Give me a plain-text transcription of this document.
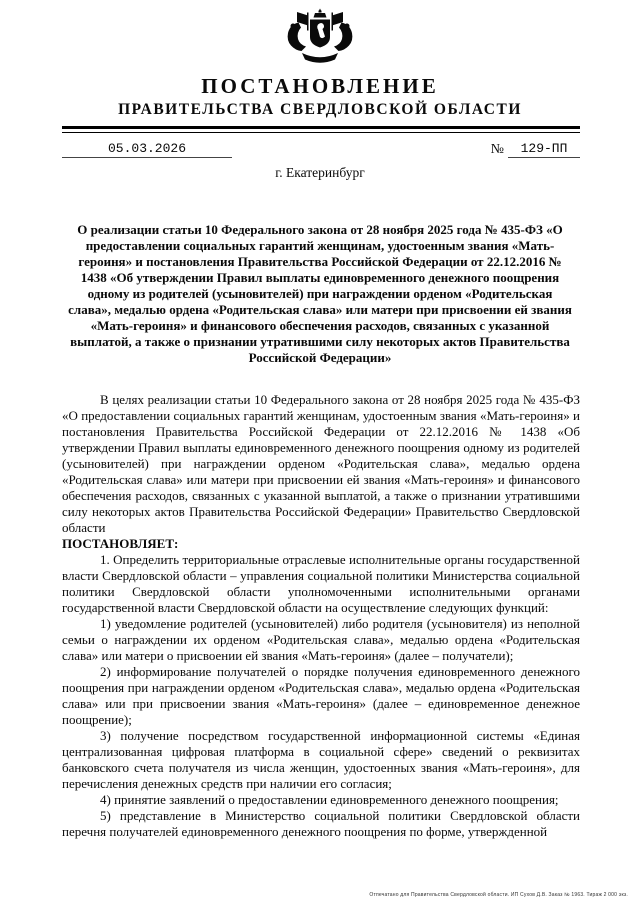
ПОСТАНОВЛЕНИЕ
ПРАВИТЕЛЬСТВА СВЕРДЛОВСКОЙ ОБЛАСТИ
05.03.2026	№	129-ПП
г. Екатеринбург
О реализации статьи 10 Федерального закона от 28 ноября 2025 года № 435-ФЗ «О предоставлении социальных гарантий женщинам, удостоенным звания «Мать-героиня» и постановления Правительства Российской Федерации от 22.12.2016 № 1438 «Об утверждении Правил выплаты единовременного денежного поощрения одному из родителей (усыновителей) при награждении орденом «Родительская слава», медалью ордена «Родительская слава» или матери при присвоении ей звания «Мать-героиня» и финансового обеспечения расходов, связанных с указанной выплатой, а также о признании утратившими силу некоторых актов Правительства Российской Федерации»

В целях реализации статьи 10 Федерального закона от 28 ноября 2025 года № 435-ФЗ «О предоставлении социальных гарантий женщинам, удостоенным звания «Мать-героиня» и постановления Правительства Российской Федерации от 22.12.2016 № 1438 «Об утверждении Правил выплаты единовременного денежного поощрения одному из родителей (усыновителей) при награждении орденом «Родительская слава», медалью ордена «Родительская слава» или матери при присвоении ей звания «Мать-героиня» и финансового обеспечения расходов, связанных с указанной выплатой, а также о признании утратившими силу некоторых актов Правительства Российской Федерации» Правительство Свердловской области

ПОСТАНОВЛЯЕТ:

1. Определить территориальные отраслевые исполнительные органы государственной власти Свердловской области – управления социальной политики Министерства социальной политики Свердловской области уполномоченными исполнительными органами государственной власти Свердловской области на осуществление следующих функций:

1) уведомление родителей (усыновителей) либо родителя (усыновителя) из неполной семьи о награждении их орденом «Родительская слава», медалью ордена «Родительская слава» или матери о присвоении ей звания «Мать-героиня» (далее – получатели);

2) информирование получателей о порядке получения единовременного денежного поощрения при награждении орденом «Родительская слава», медалью ордена «Родительская слава» или при присвоении звания «Мать-героиня» (далее – единовременное денежное поощрение);

3) получение посредством государственной информационной системы «Единая централизованная цифровая платформа в социальной сфере» сведений о реквизитах банковского счета получателя из числа женщин, удостоенных звания «Мать-героиня», для перечисления денежных средств при наличии его согласия;

4) принятие заявлений о предоставлении единовременного денежного поощрения;

5) представление в Министерство социальной политики Свердловской области перечня получателей единовременного денежного поощрения по форме, утвержденной

Отпечатано для Правительства Свердловской области. ИП Сухов Д.В. Заказ № 1963. Тираж 2 000 экз.
